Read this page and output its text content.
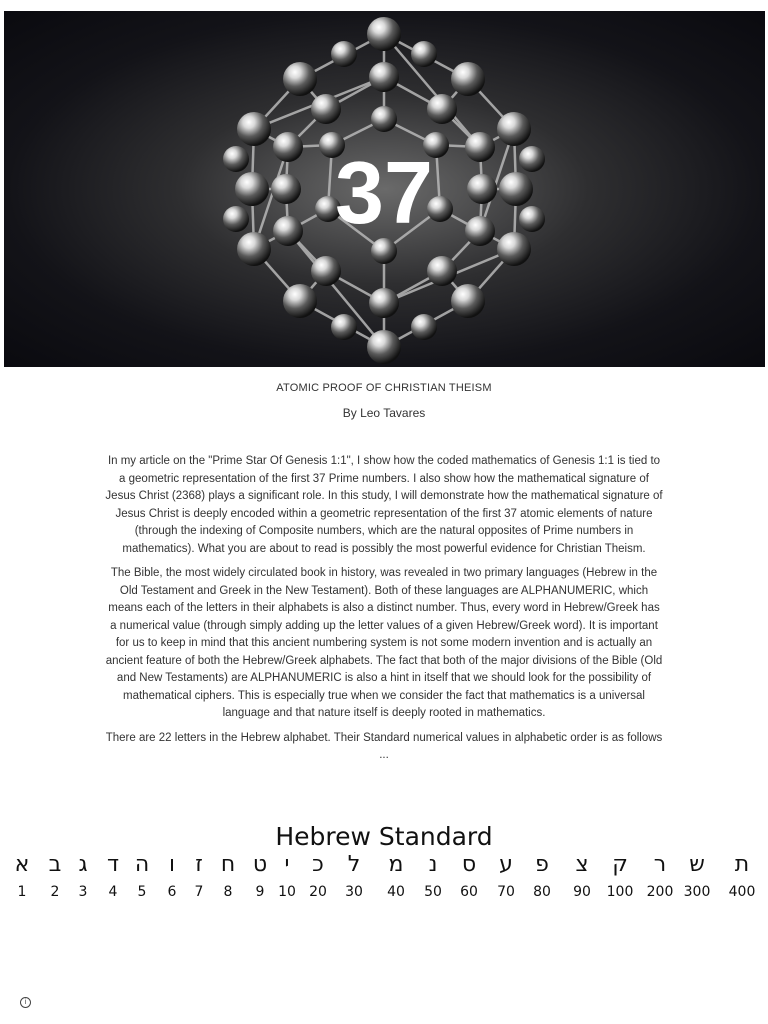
37
ATOMIC PROOF OF CHRISTIAN THEISM
By Leo Tavares

In my article on the "Prime Star Of Genesis 1:1", I show how the coded mathematics of Genesis 1:1 is tied to a geometric representation of the first 37 Prime numbers. I also show how the mathematical signature of Jesus Christ (2368) plays a significant role. In this study, I will demonstrate how the mathematical signature of Jesus Christ is deeply encoded within a geometric representation of the first 37 atomic elements of nature (through the indexing of Composite numbers, which are the natural opposites of Prime numbers in mathematics). What you are about to read is possibly the most powerful evidence for Christian Theism.

The Bible, the most widely circulated book in history, was revealed in two primary languages (Hebrew in the Old Testament and Greek in the New Testament). Both of these languages are ALPHANUMERIC, which means each of the letters in their alphabets is also a distinct number. Thus, every word in Hebrew/Greek has a numerical value (through simply adding up the letter values of a given Hebrew/Greek word). It is important for us to keep in mind that this ancient numbering system is not some modern invention and is actually an ancient feature of both the Hebrew/Greek alphabets. The fact that both of the major divisions of the Bible (Old and New Testaments) are ALPHANUMERIC is also a hint in itself that we should look for the possibility of mathematical ciphers. This is especially true when we consider the fact that mathematics is a universal language and that nature itself is deeply rooted in mathematics.

There are 22 letters in the Hebrew alphabet. Their Standard numerical values in alphabetic order is as follows ...

Hebrew Standard
1
א
2
ב
3
ג
4
ד
5
ה
6
ו
7
ז
8
ח
9
ט
10
י
20
כ
30
ל
40
מ
50
נ
60
ס
70
ע
80
פ
90
צ
100
ק
200
ר
300
ש
400
ת
i
